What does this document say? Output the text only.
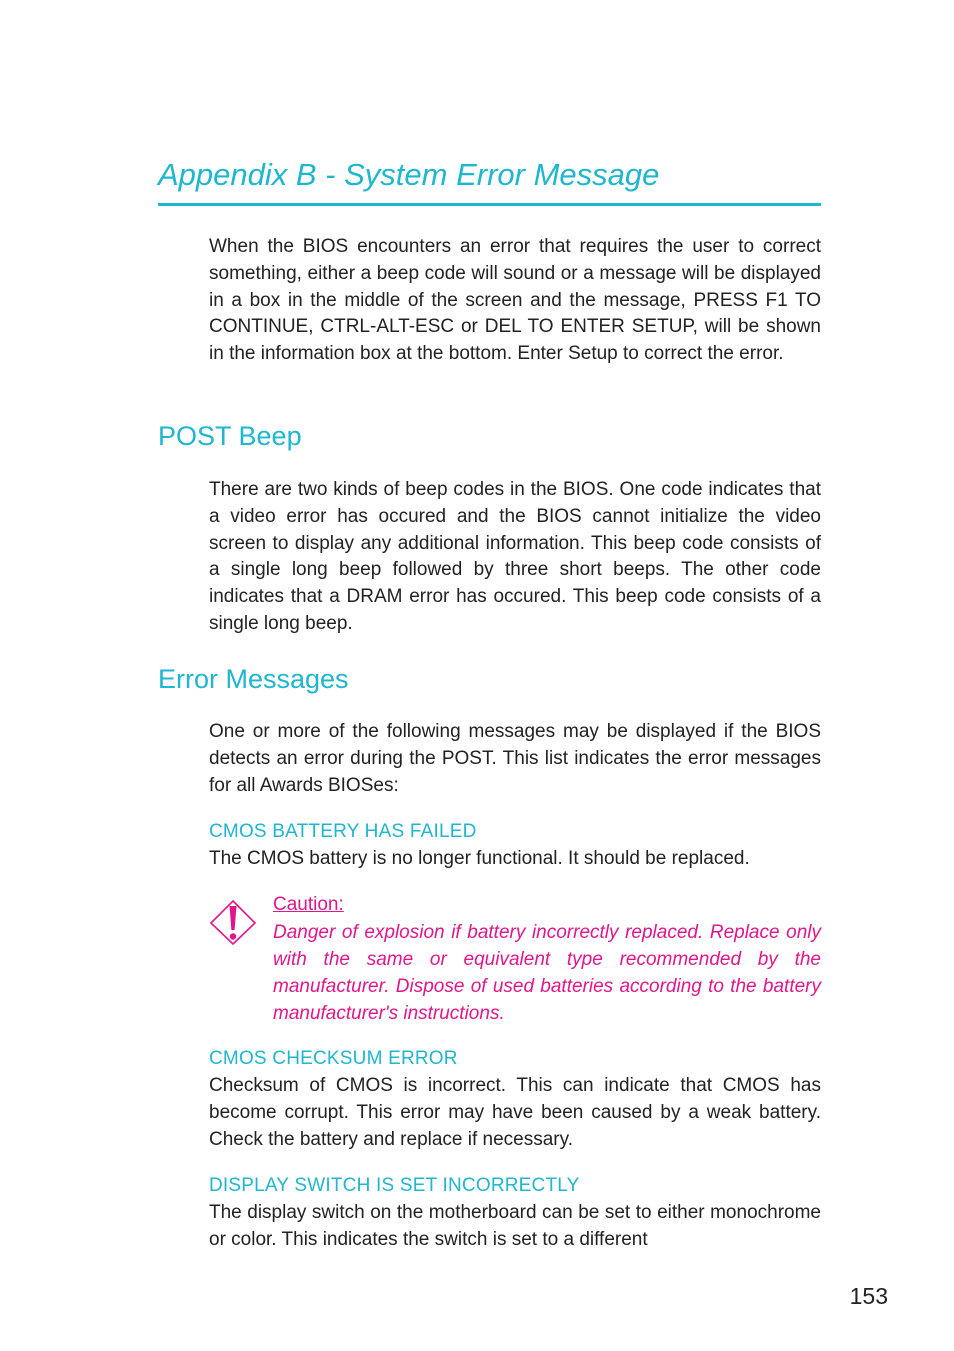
Appendix B - System Error Message

When the BIOS encounters an error that requires the user to correct something, either a beep code will sound or a message will be displayed in a box in the middle of the screen and the message, PRESS F1 TO CONTINUE, CTRL-ALT-ESC or DEL TO ENTER SETUP, will be shown in the information box at the bottom. Enter Setup to correct the error.

POST Beep

There are two kinds of beep codes in the BIOS. One code indicates that a video error has occured and the BIOS cannot initialize the video screen to display any additional information. This beep code consists of a single long beep followed by three short beeps. The other code indicates that a DRAM error has occured. This beep code consists of a single long beep.

Error Messages

One or more of the following messages may be displayed if the BIOS detects an error during the POST. This list indicates the error messages for all Awards BIOSes:

CMOS BATTERY HAS FAILED

The CMOS battery is no longer functional. It should be replaced.

Caution:

Danger of explosion if battery incorrectly replaced. Replace only with the same or equivalent type recommended by the manufacturer. Dispose of used batteries according to the battery manufacturer's instructions.

CMOS CHECKSUM ERROR

Checksum of CMOS is incorrect. This can indicate that CMOS has become corrupt. This error may have been caused by a weak battery. Check the battery and replace if necessary.

DISPLAY SWITCH IS SET INCORRECTLY

The display switch on the motherboard can be set to either monochrome or color. This indicates the switch is set to a different

153
